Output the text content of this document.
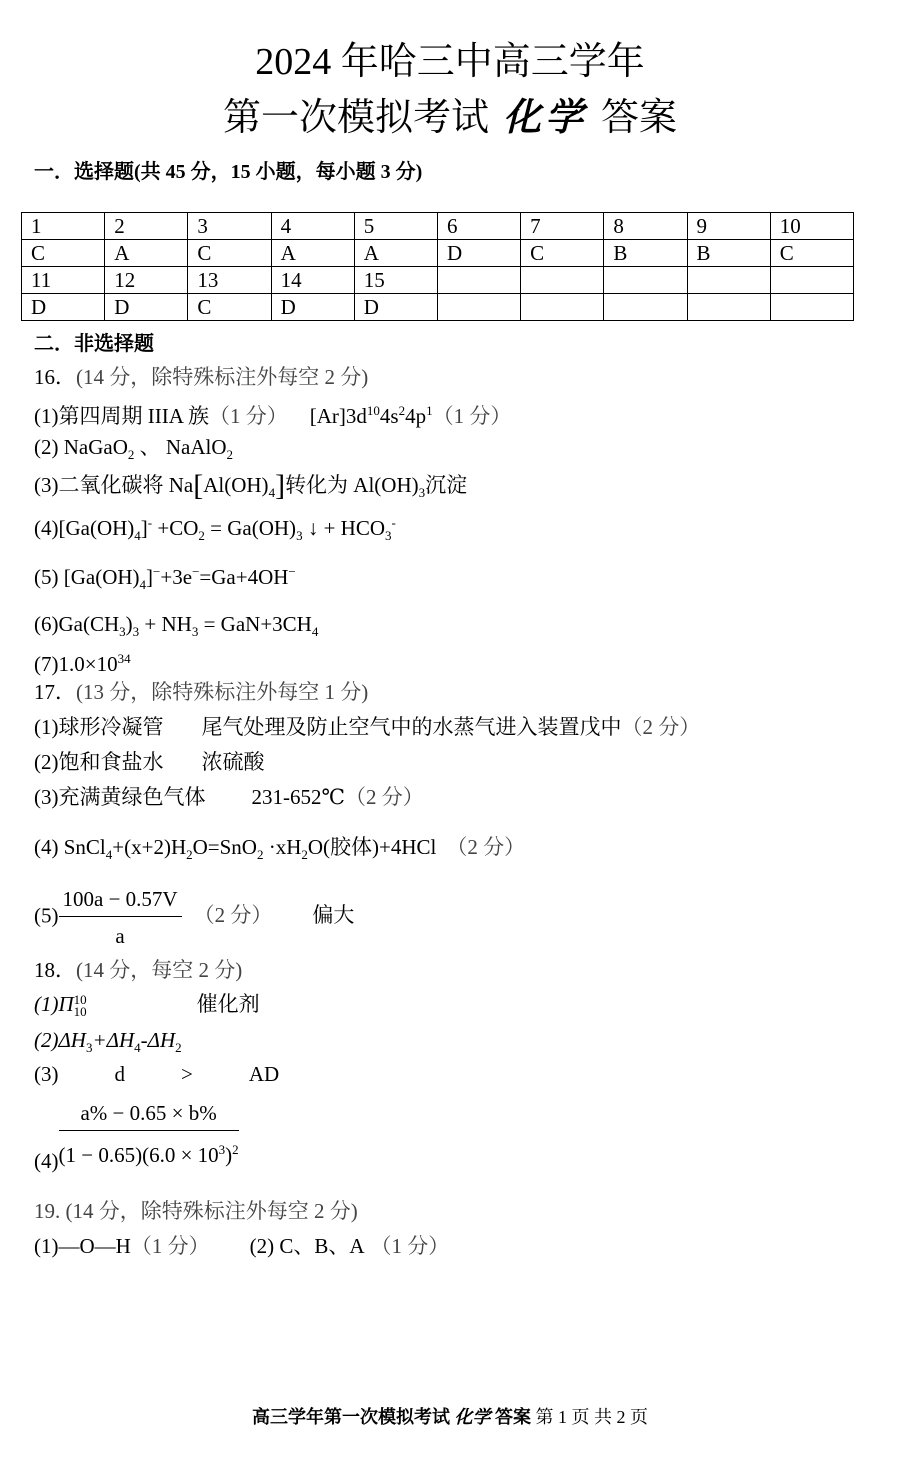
2024 年哈三中高三学年
第一次模拟考试 化学 答案
一．选择题(共 45 分，15 小题，每小题 3 分)
1	2	3	4	5	6	7	8	9	10
C	A	C	A	A	D	C	B	B	C
11	12	13	14	15					
D	D	C	D	D					
二．非选择题
16．(14 分，除特殊标注外每空 2 分)
(1)第四周期 IIIA 族（1 分） $[Ar]3d^{10}4s^24p^1(1$ 分）
(2) NaGaO$_2$ 、 NaAlO$_2$
(3)二氧化碳将 $Na[Al(OH)_4]$转化为 $Al(OH)_3$沉淀
$(4)[Ga(OH)_4]^- +CO_2 = Ga(OH)_3$ ↓ + $HCO_3^-$
(5) $[Ga(OH)_4]^-+3e^-=Ga+4OH^-$
$(6)Ga(CH_3)_3 + NH_3 = GaN+3CH_4$
$(7)1.0\times 10^{34}$
17．(13 分，除特殊标注外每空 1 分)
(1)球形冷凝管 尾气处理及防止空气中的水蒸气进入装置戊中（2 分）
(2)饱和食盐水 浓硫酸
(3)充满黄绿色气体 231-652℃（2 分）
(4) $SnCl_4+(x+2)H_2O=SnO_2 \cdot xH_2O$(胶体)+4HCl （2 分）
$(5) \frac{100a - 0.57V}{a} (2$ 分） 偏大
18．(14 分，每空 2 分)
(1)Π 10
10	催化剂
$(2)\Delta H_3+\Delta H_4-\Delta H_2$
(3)	d	>	AD
$(4) \frac{a\% - 0.65 \times b\%}{(1 - 0.65)(6.0 \times 10^3)^2}$
19. (14 分，除特殊标注外每空 2 分)
(1)—O—H（1 分） (2) C、B、A （1 分）
高三学年第一次模拟考试 化学 答案 第 1 页 共 2 页
